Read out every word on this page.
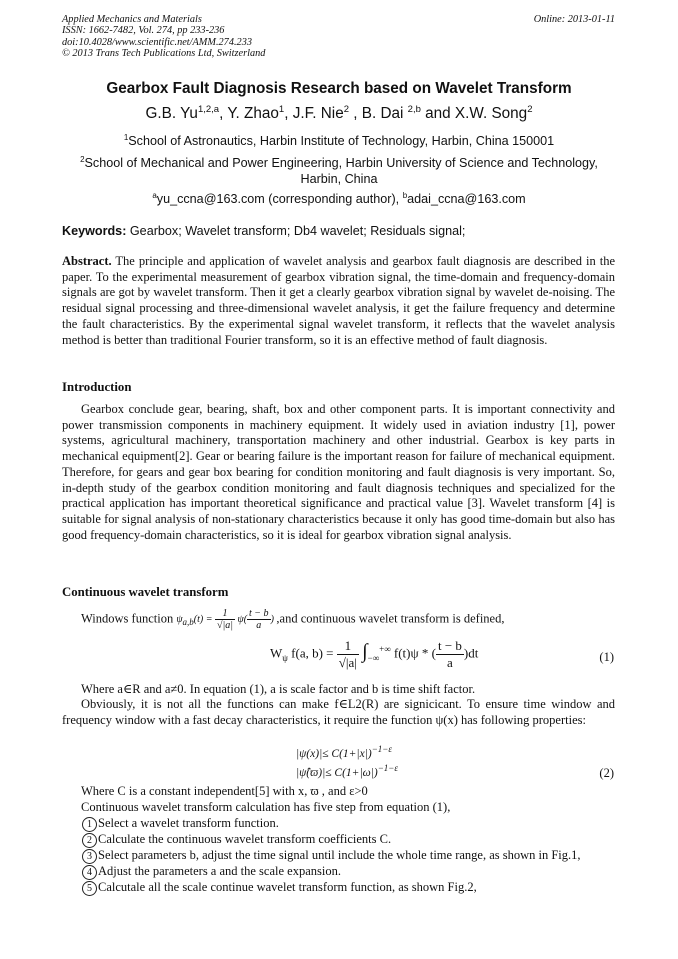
Applied Mechanics and Materials
ISSN: 1662-7482, Vol. 274, pp 233-236
doi:10.4028/www.scientific.net/AMM.274.233
© 2013 Trans Tech Publications Ltd, Switzerland
Online: 2013-01-11
Gearbox Fault Diagnosis Research based on Wavelet Transform
G.B. Yu$^{1,2,a}$, Y. Zhao$^1$, J.F. Nie$^2$ , B. Dai $^{2,b}$ and X.W. Song$^2$
$^1$School of Astronautics, Harbin Institute of Technology, Harbin, China 150001
$^2$School of Mechanical and Power Engineering, Harbin University of Science and Technology,
Harbin, China
$^a$yu_ccna@163.com (corresponding author), $^b$adai_ccna@163.com
Keywords: Gearbox; Wavelet transform; Db4 wavelet; Residuals signal;

Abstract. The principle and application of wavelet analysis and gearbox fault diagnosis are described in the paper. To the experimental measurement of gearbox vibration signal, the time-domain and frequency-domain signals are got by wavelet transform. Then it get a clearly gearbox vibration signal by wavelet de-noising. The residual signal processing and three-dimensional wavelet analysis, it get the failure frequency and determine the fault characteristics. By the experimental signal wavelet transform, it reflects that the wavelet analysis method is better than traditional Fourier transform, so it is an effective method of fault diagnosis.

Introduction

Gearbox conclude gear, bearing, shaft, box and other component parts. It is important connectivity and power transmission components in machinery equipment. It widely used in aviation industry [1], power systems, agricultural machinery, transportation machinery and other industrial. Gearbox is key parts in mechanical equipment[2]. Gear or bearing failure is the important reason for failure of mechanical equipment. Therefore, for gears and gear box bearing for condition monitoring and fault diagnosis is very important. So, in-depth study of the gearbox condition monitoring and fault diagnosis techniques and specialized for the practical application has important theoretical significance and practical value [3]. Wavelet transform [4] is suitable for signal analysis of non-stationary characteristics because it only has good time-domain but also has good frequency-domain characteristics, so it is ideal for gearbox vibration signal analysis.

Continuous wavelet transform
Windows function $\psi_{a,b}(t) = \frac{1}{√|a|} \psi( \frac{t - b}{a}$ ) ,and continuous wavelet transform is defined,
$W_\psi$ f(a, $b) = \frac{1}{√|a|} \int_{-\infty}^{+\infty}$ f(t)ψ * ( $\frac{t - b}{a} )dt$	(1)
Where a∈R and a≠0. In equation (1), a is scale factor and b is time shift factor.

Obviously, it is not all the functions can make f∈L2(R) are signicicant. To ensure time window and frequency window with a fast decay characteristics, it require the function ψ(x) has following properties:

$|\psi(x)|\le C(1+|x|)^{-1-\varepsilon}$
|ψ̂(ϖ)|≤ $C(1+|\omega|)^{-1-\varepsilon}$	(2)
Where C is a constant independent[5] with x, ϖ , and ε>0
Continuous wavelet transform calculation has five step from equation (1),
1 Select a wavelet transform function.
2 Calculate the continuous wavelet transform coefficients C.
3 Select parameters b, adjust the time signal until include the whole time range, as shown in Fig.1,
4 Adjust the parameters a and the scale expansion.
5 Calcutale all the scale continue wavelet transform function, as shown Fig.2,
